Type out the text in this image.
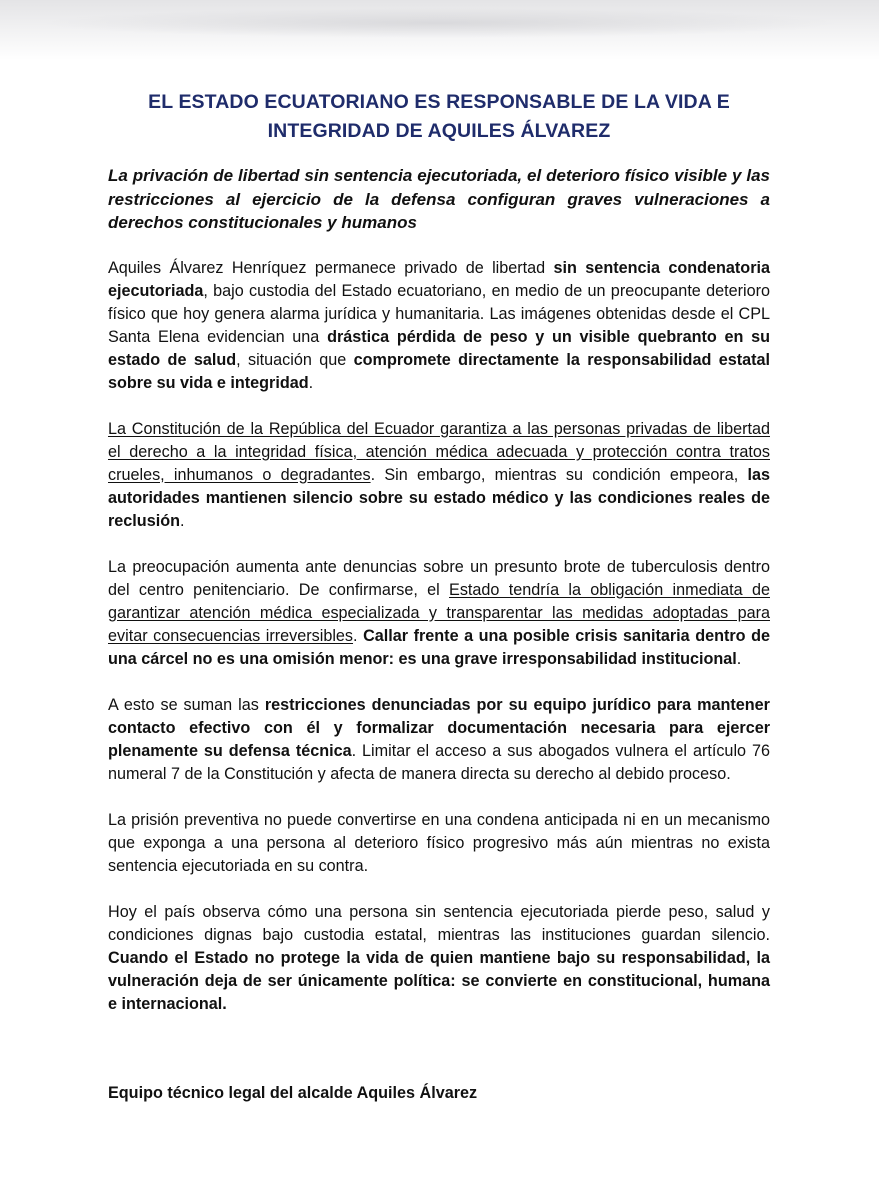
EL ESTADO ECUATORIANO ES RESPONSABLE DE LA VIDA E INTEGRIDAD DE AQUILES ÁLVAREZ

La privación de libertad sin sentencia ejecutoriada, el deterioro físico visible y las restricciones al ejercicio de la defensa configuran graves vulneraciones a derechos constitucionales y humanos

Aquiles Álvarez Henríquez permanece privado de libertad sin sentencia condenatoria ejecutoriada, bajo custodia del Estado ecuatoriano, en medio de un preocupante deterioro físico que hoy genera alarma jurídica y humanitaria. Las imágenes obtenidas desde el CPL Santa Elena evidencian una drástica pérdida de peso y un visible quebranto en su estado de salud, situación que compromete directamente la responsabilidad estatal sobre su vida e integridad.

La Constitución de la República del Ecuador garantiza a las personas privadas de libertad el derecho a la integridad física, atención médica adecuada y protección contra tratos crueles, inhumanos o degradantes. Sin embargo, mientras su condición empeora, las autoridades mantienen silencio sobre su estado médico y las condiciones reales de reclusión.

La preocupación aumenta ante denuncias sobre un presunto brote de tuberculosis dentro del centro penitenciario. De confirmarse, el Estado tendría la obligación inmediata de garantizar atención médica especializada y transparentar las medidas adoptadas para evitar consecuencias irreversibles. Callar frente a una posible crisis sanitaria dentro de una cárcel no es una omisión menor: es una grave irresponsabilidad institucional.

A esto se suman las restricciones denunciadas por su equipo jurídico para mantener contacto efectivo con él y formalizar documentación necesaria para ejercer plenamente su defensa técnica. Limitar el acceso a sus abogados vulnera el artículo 76 numeral 7 de la Constitución y afecta de manera directa su derecho al debido proceso.

La prisión preventiva no puede convertirse en una condena anticipada ni en un mecanismo que exponga a una persona al deterioro físico progresivo más aún mientras no exista sentencia ejecutoriada en su contra.

Hoy el país observa cómo una persona sin sentencia ejecutoriada pierde peso, salud y condiciones dignas bajo custodia estatal, mientras las instituciones guardan silencio. Cuando el Estado no protege la vida de quien mantiene bajo su responsabilidad, la vulneración deja de ser únicamente política: se convierte en constitucional, humana e internacional.

Equipo técnico legal del alcalde Aquiles Álvarez
